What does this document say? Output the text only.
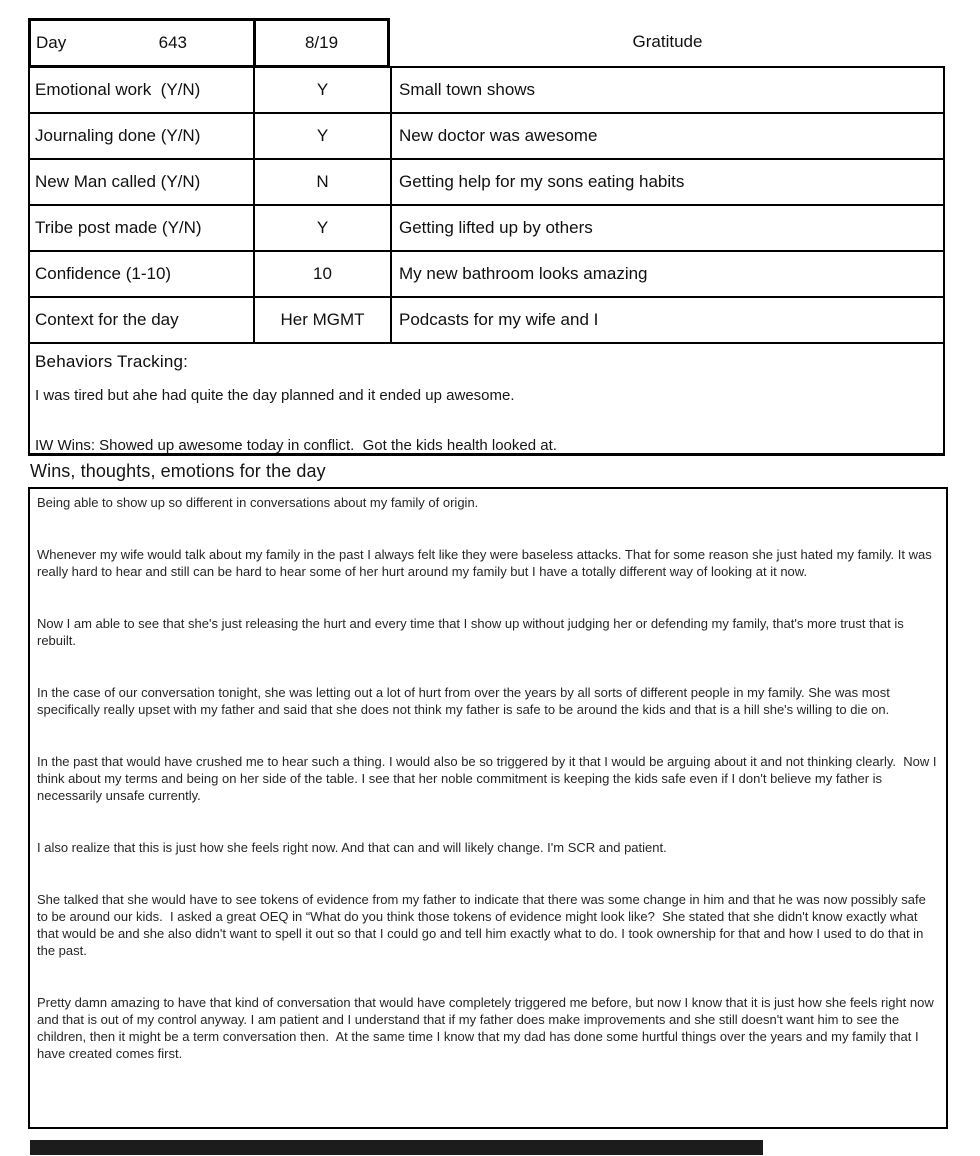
Day	643	8/19	Gratitude
Emotional work  (Y/N)	Y	Small town shows
Journaling done (Y/N)	Y	New doctor was awesome
New Man called (Y/N)	N	Getting help for my sons eating habits
Tribe post made (Y/N)	Y	Getting lifted up by others
Confidence (1-10)	10	My new bathroom looks amazing
Context for the day	Her MGMT	Podcasts for my wife and I
Behaviors Tracking:
I was tired but ahe had quite the day planned and it ended up awesome.
IW Wins: Showed up awesome today in conflict.  Got the kids health looked at.
Wins, thoughts, emotions for the day
Being able to show up so different in conversations about my family of origin.
Whenever my wife would talk about my family in the past I always felt like they were baseless attacks. That for some reason she just hated my family. It was really hard to hear and still can be hard to hear some of her hurt around my family but I have a totally different way of looking at it now.
Now I am able to see that she's just releasing the hurt and every time that I show up without judging her or defending my family, that's more trust that is rebuilt.
In the case of our conversation tonight, she was letting out a lot of hurt from over the years by all sorts of different people in my family. She was most specifically really upset with my father and said that she does not think my father is safe to be around the kids and that is a hill she's willing to die on.
In the past that would have crushed me to hear such a thing. I would also be so triggered by it that I would be arguing about it and not thinking clearly.  Now I think about my terms and being on her side of the table. I see that her noble commitment is keeping the kids safe even if I don't believe my father is necessarily unsafe currently.
I also realize that this is just how she feels right now. And that can and will likely change. I'm SCR and patient.
She talked that she would have to see tokens of evidence from my father to indicate that there was some change in him and that he was now possibly safe to be around our kids.  I asked a great OEQ in “What do you think those tokens of evidence might look like?  She stated that she didn't know exactly what that would be and she also didn't want to spell it out so that I could go and tell him exactly what to do. I took ownership for that and how I used to do that in the past.
Pretty damn amazing to have that kind of conversation that would have completely triggered me before, but now I know that it is just how she feels right now and that is out of my control anyway. I am patient and I understand that if my father does make improvements and she still doesn't want him to see the children, then it might be a term conversation then.  At the same time I know that my dad has done some hurtful things over the years and my family that I have created comes first.
